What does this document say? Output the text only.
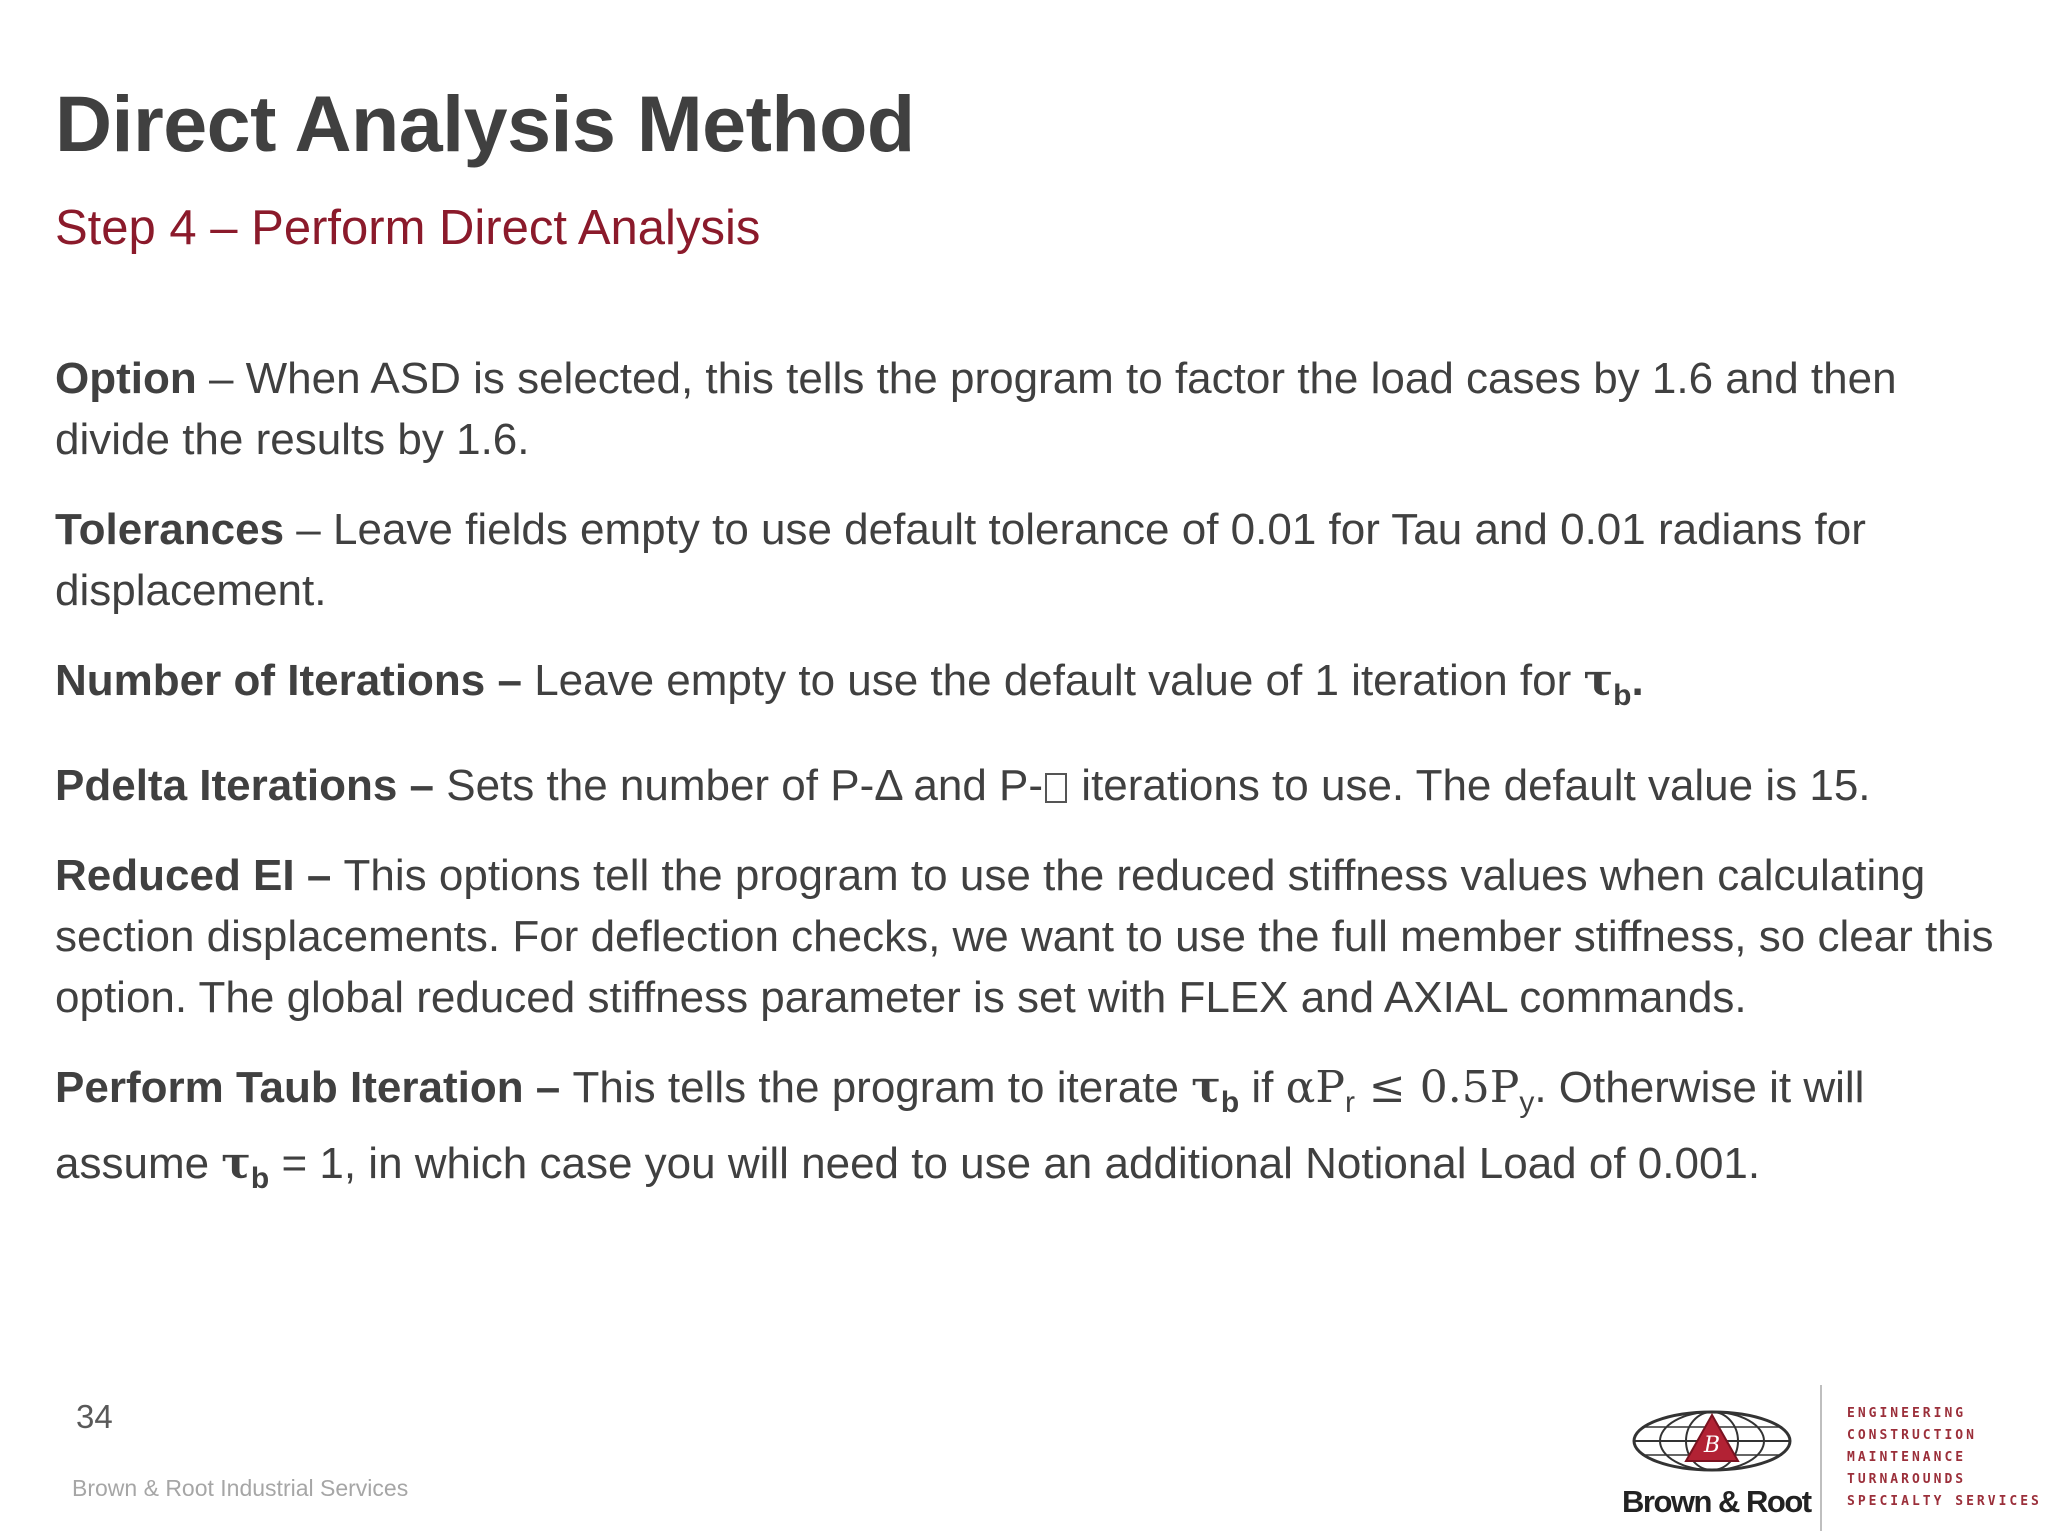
Direct Analysis Method
Step 4 – Perform Direct Analysis

Option – When ASD is selected, this tells the program to factor the load cases by 1.6 and then divide the results by 1.6.

Tolerances – Leave fields empty to use default tolerance of 0.01 for Tau and 0.01 radians for displacement.

Number of Iterations – Leave empty to use the default value of 1 iteration for $\tau_b$.

Pdelta Iterations – Sets the number of P-Δ and P- iterations to use. The default value is 15.

Reduced EI – This options tell the program to use the reduced stiffness values when calculating section displacements. For deflection checks, we want to use the full member stiffness, so clear this option. The global reduced stiffness parameter is set with FLEX and AXIAL commands.

Perform Taub Iteration – This tells the program to iterate $\tau_b$ if $\alpha P_r \le 0.5P_y$. Otherwise it will assume $\tau_b = 1$, in which case you will need to use an additional Notional Load of 0.001.

34
Brown & Root Industrial Services
B
Brown & Root
ENGINEERING
CONSTRUCTION
MAINTENANCE
TURNAROUNDS
SPECIALTY SERVICES
